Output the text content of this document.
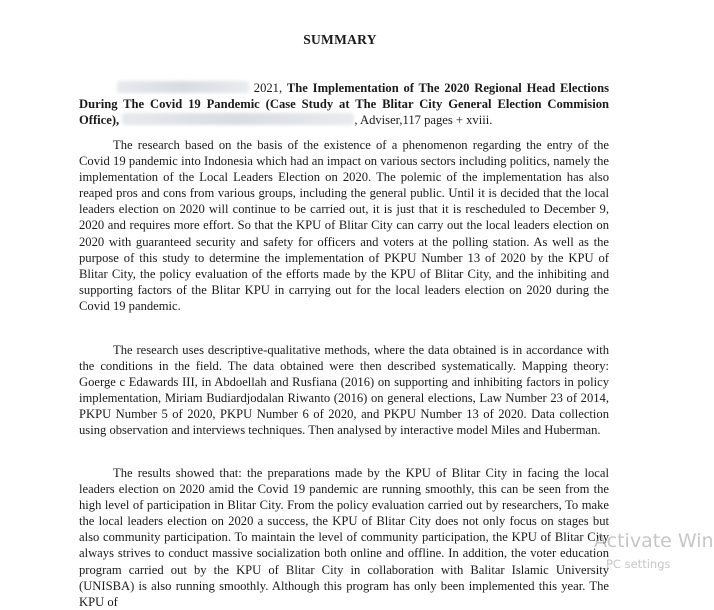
SUMMARY
2021, The Implementation of The 2020 Regional Head Elections During The Covid 19 Pandemic (Case Study at The Blitar City General Election Commision Office),	, Adviser,117 pages + xviii.

The research based on the basis of the existence of a phenomenon regarding the entry of the Covid 19 pandemic into Indonesia which had an impact on various sectors including politics, namely the implementation of the Local Leaders Election on 2020. The polemic of the implementation has also reaped pros and cons from various groups, including the general public. Until it is decided that the local leaders election on 2020 will continue to be carried out, it is just that it is rescheduled to December 9, 2020 and requires more effort. So that the KPU of Blitar City can carry out the local leaders election on 2020 with guaranteed security and safety for officers and voters at the polling station. As well as the purpose of this study to determine the implementation of PKPU Number 13 of 2020 by the KPU of Blitar City, the policy evaluation of the efforts made by the KPU of Blitar City, and the inhibiting and supporting factors of the Blitar KPU in carrying out for the local leaders election on 2020 during the Covid 19 pandemic.

The research uses descriptive-qualitative methods, where the data obtained is in accordance with the conditions in the field. The data obtained were then described systematically. Mapping theory: Goerge c Edawards III, in Abdoellah and Rusfiana (2016) on supporting and inhibiting factors in policy implementation, Miriam Budiardjodalan Riwanto (2016) on general elections, Law Number 23 of 2014, PKPU Number 5 of 2020, PKPU Number 6 of 2020, and PKPU Number 13 of 2020. Data collection using observation and interviews techniques. Then analysed by interactive model Miles and Huberman.

The results showed that: the preparations made by the KPU of Blitar City in facing the local leaders election on 2020 amid the Covid 19 pandemic are running smoothly, this can be seen from the high level of participation in Blitar City. From the policy evaluation carried out by researchers, To make the local leaders election on 2020 a success, the KPU of Blitar City does not only focus on stages but also community participation. To maintain the level of community participation, the KPU of Blitar City always strives to conduct massive socialization both online and offline. In addition, the voter education program carried out by the KPU of Blitar City in collaboration with Balitar Islamic University (UNISBA) is also running smoothly. Although this program has only been implemented this year. The KPU of

Activate Win
PC settings
